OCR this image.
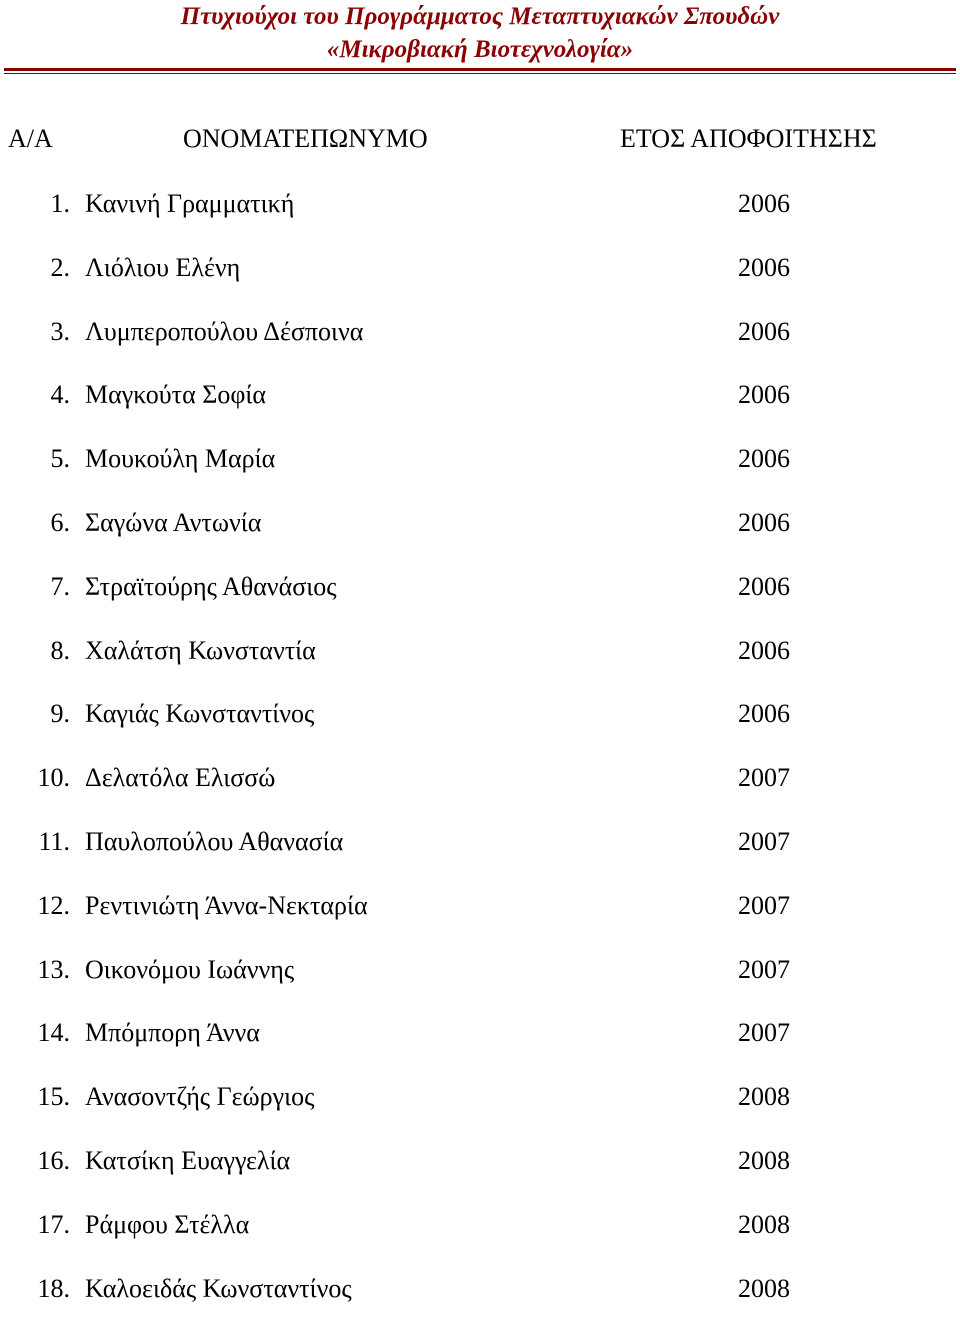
Πτυχιούχοι του Προγράμματος Μεταπτυχιακών Σπουδών
«Μικροβιακή Βιοτεχνολογία»
Α/Α	ΟΝΟΜΑΤΕΠΩΝΥΜΟ	ΕΤΟΣ ΑΠΟΦΟΙΤΗΣΗΣ
1. Κανινή Γραμματική	2006
2. Λιόλιου Ελένη	2006
3. Λυμπεροπούλου Δέσποινα	2006
4. Μαγκούτα Σοφία	2006
5. Μουκούλη Μαρία	2006
6. Σαγώνα Αντωνία	2006
7. Στραϊτούρης Αθανάσιος	2006
8. Χαλάτση Κωνσταντία	2006
9. Καγιάς Κωνσταντίνος	2006
10. Δελατόλα Ελισσώ	2007
11. Παυλοπούλου Αθανασία	2007
12. Ρεντινιώτη Άννα-Νεκταρία	2007
13. Οικονόμου Ιωάννης	2007
14. Μπόμπορη Άννα	2007
15. Ανασοντζής Γεώργιος	2008
16. Κατσίκη Ευαγγελία	2008
17. Ράμφου Στέλλα	2008
18. Καλοειδάς Κωνσταντίνος	2008
